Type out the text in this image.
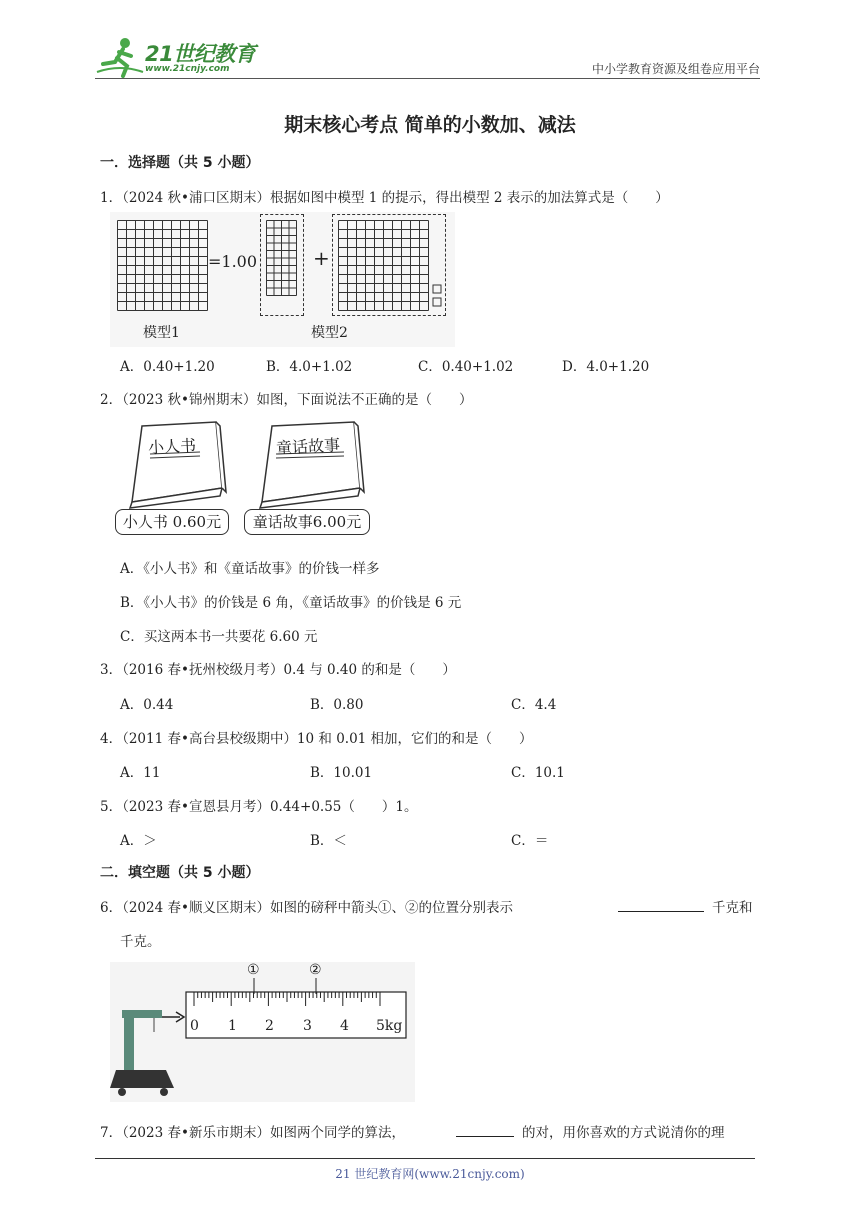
21世纪教育
www.21cnjy.com	中小学教育资源及组卷应用平台
期末核心考点 简单的小数加、减法
一．选择题（共 5 小题）
1．（2024 秋•浦口区期末）根据如图中模型 1 的提示，得出模型 2 表示的加法算式是（　　）
=1.00	+
模型1	模型2
A．0.40+1.20	B．4.0+1.02	C．0.40+1.02	D．4.0+1.20
2．（2023 秋•锦州期末）如图，下面说法不正确的是（　　）
小人书	童话故事
小人书 0.60元	童话故事6.00元
A．《小人书》和《童话故事》的价钱一样多
B．《小人书》的价钱是 6 角，《童话故事》的价钱是 6 元
C．买这两本书一共要花 6.60 元
3．（2016 春•抚州校级月考）0.4 与 0.40 的和是（　　）
A．0.44	B．0.80	C．4.4
4．（2011 春•高台县校级期中）10 和 0.01 相加，它们的和是（　　）
A．11	B．10.01	C．10.1
5．（2023 春•宣恩县月考）0.44+0.55（　　）1。
A．＞	B．＜	C．＝
二．填空题（共 5 小题）
6．（2024 春•顺义区期末）如图的磅秤中箭头①、②的位置分别表示	千克和
千克。
①	②
0 1 2 3 4 5kg
7．（2023 春•新乐市期末）如图两个同学的算法，	的对，用你喜欢的方式说清你的理
21 世纪教育网(www.21cnjy.com)
